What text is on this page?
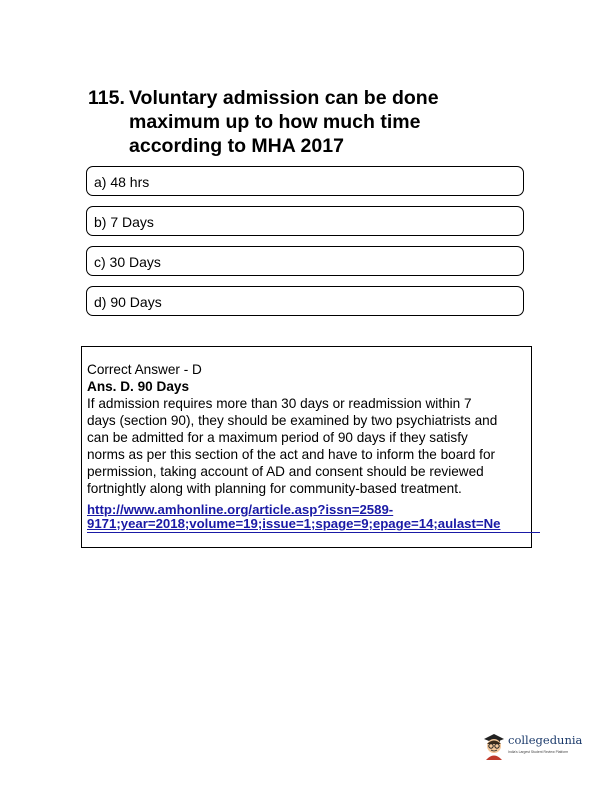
115. Voluntary admission can be done
maximum up to how much time
according to MHA 2017
a) 48 hrs
b) 7 Days
c) 30 Days
d) 90 Days

Correct Answer - D

Ans. D. 90 Days

If admission requires more than 30 days or readmission within 7

days (section 90), they should be examined by two psychiatrists and

can be admitted for a maximum period of 90 days if they satisfy

norms as per this section of the act and have to inform the board for

permission, taking account of AD and consent should be reviewed

fortnightly along with planning for community-based treatment.

http://www.amhonline.org/article.asp?issn=2589-
9171;year=2018;volume=19;issue=1;spage=9;epage=14;aulast=Ne
collegedunia
India's Largest Student Review Platform
